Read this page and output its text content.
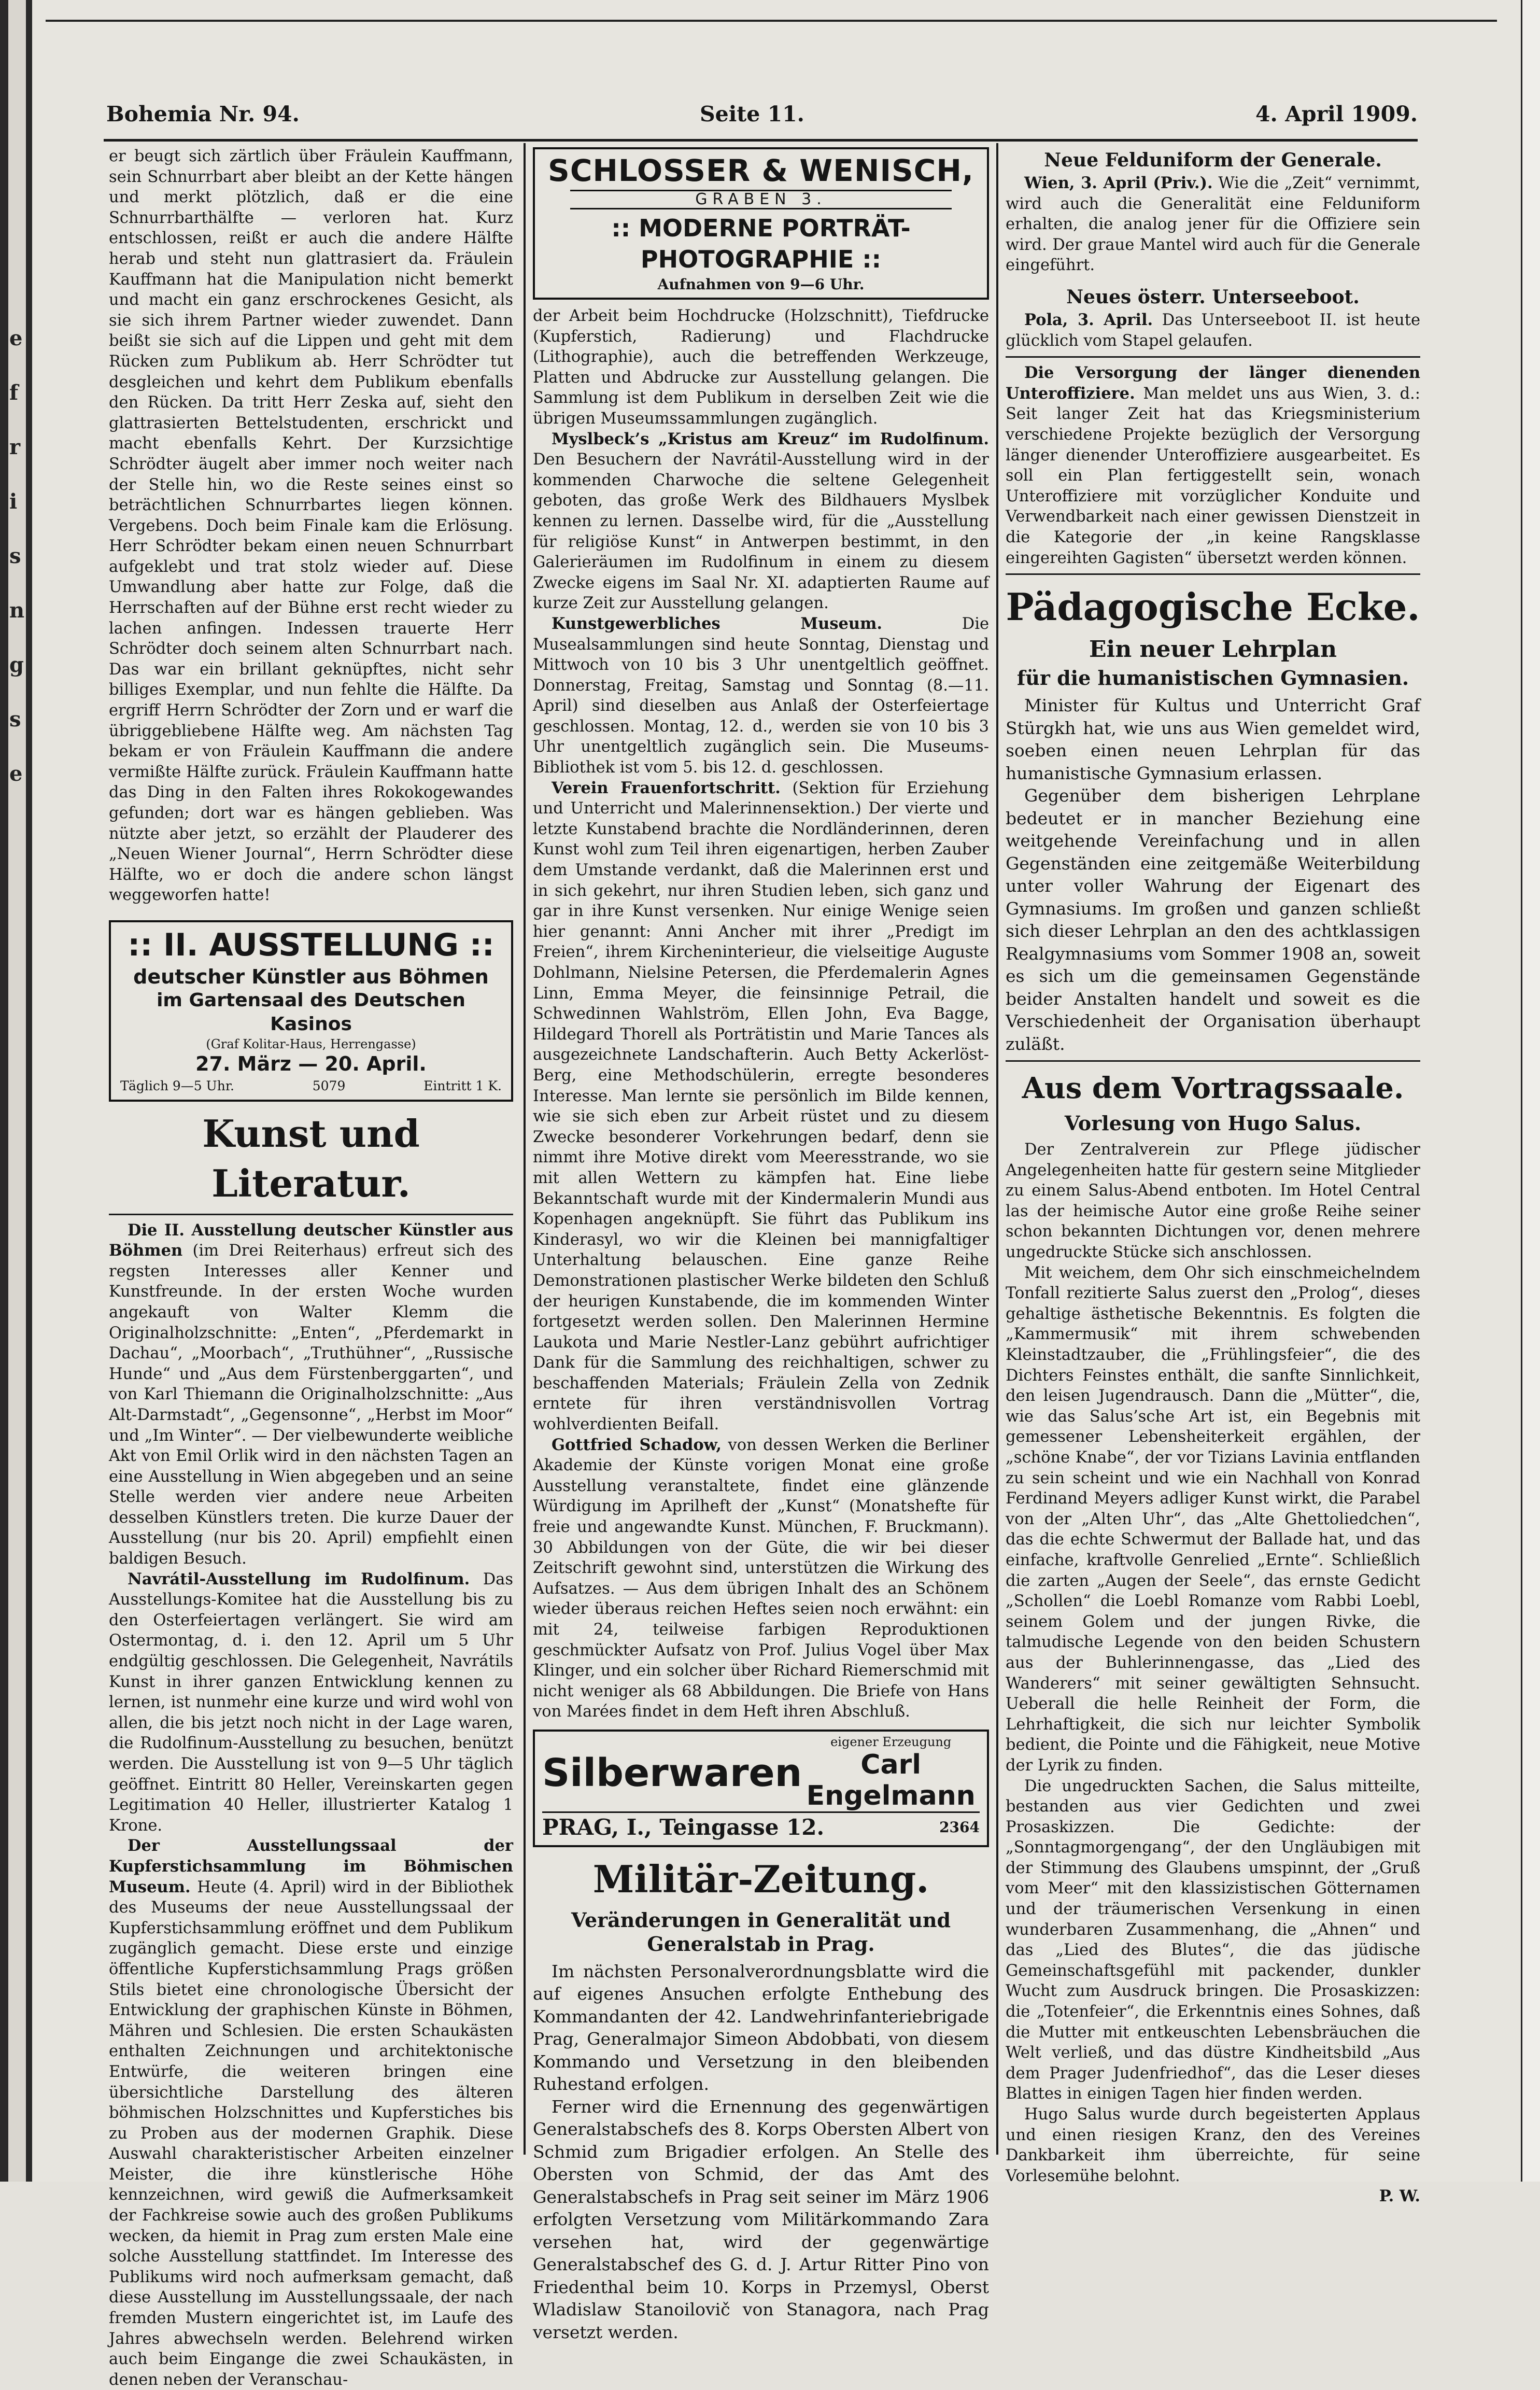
e
f
r
i
s
n
g
s
e
Bohemia Nr. 94.	Seite 11.	4. April 1909.

er beugt sich zärtlich über Fräulein Kauffmann, sein Schnurrbart aber bleibt an der Kette hängen und merkt plötzlich, daß er die eine Schnurrbarthälfte — verloren hat. Kurz entschlossen, reißt er auch die andere Hälfte herab und steht nun glattrasiert da. Fräulein Kauffmann hat die Manipulation nicht bemerkt und macht ein ganz erschrockenes Gesicht, als sie sich ihrem Partner wieder zuwendet. Dann beißt sie sich auf die Lippen und geht mit dem Rücken zum Publikum ab. Herr Schrödter tut desgleichen und kehrt dem Publikum ebenfalls den Rücken. Da tritt Herr Zeska auf, sieht den glattrasierten Bettelstudenten, erschrickt und macht ebenfalls Kehrt. Der Kurzsichtige Schrödter äugelt aber immer noch weiter nach der Stelle hin, wo die Reste seines einst so beträchtlichen Schnurrbartes liegen können. Vergebens. Doch beim Finale kam die Erlösung. Herr Schrödter bekam einen neuen Schnurrbart aufgeklebt und trat stolz wieder auf. Diese Umwandlung aber hatte zur Folge, daß die Herrschaften auf der Bühne erst recht wieder zu lachen anfingen. Indessen trauerte Herr Schrödter doch seinem alten Schnurrbart nach. Das war ein brillant geknüpftes, nicht sehr billiges Exemplar, und nun fehlte die Hälfte. Da ergriff Herrn Schrödter der Zorn und er warf die übriggebliebene Hälfte weg. Am nächsten Tag bekam er von Fräulein Kauffmann die andere vermißte Hälfte zurück. Fräulein Kauffmann hatte das Ding in den Falten ihres Rokokogewandes gefunden; dort war es hängen geblieben. Was nützte aber jetzt, so erzählt der Plauderer des „Neuen Wiener Journal“, Herrn Schrödter diese Hälfte, wo er doch die andere schon längst weggeworfen hatte!

:: II. AUSSTELLUNG ::
deutscher Künstler aus Böhmen
im Gartensaal des Deutschen Kasinos
(Graf Kolitar-Haus, Herrengasse)
27. März — 20. April.
Täglich 9—5 Uhr.	5079	Eintritt 1 K.
Kunst und Literatur.

Die II. Ausstellung deutscher Künstler aus Böhmen (im Drei Reiterhaus) erfreut sich des regsten Interesses aller Kenner und Kunstfreunde. In der ersten Woche wurden angekauft von Walter Klemm die Originalholzschnitte: „Enten“, „Pferdemarkt in Dachau“, „Moorbach“, „Truthühner“, „Russische Hunde“ und „Aus dem Fürstenberggarten“, und von Karl Thiemann die Originalholzschnitte: „Aus Alt-Darmstadt“, „Gegensonne“, „Herbst im Moor“ und „Im Winter“. — Der vielbewunderte weibliche Akt von Emil Orlik wird in den nächsten Tagen an eine Ausstellung in Wien abgegeben und an seine Stelle werden vier andere neue Arbeiten desselben Künstlers treten. Die kurze Dauer der Ausstellung (nur bis 20. April) empfiehlt einen baldigen Besuch.

Navrátil-Ausstellung im Rudolfinum. Das Ausstellungs-Komitee hat die Ausstellung bis zu den Osterfeiertagen verlängert. Sie wird am Ostermontag, d. i. den 12. April um 5 Uhr endgültig geschlossen. Die Gelegenheit, Navrátils Kunst in ihrer ganzen Entwicklung kennen zu lernen, ist nunmehr eine kurze und wird wohl von allen, die bis jetzt noch nicht in der Lage waren, die Rudolfinum-Ausstellung zu besuchen, benützt werden. Die Ausstellung ist von 9—5 Uhr täglich geöffnet. Eintritt 80 Heller, Vereinskarten gegen Legitimation 40 Heller, illustrierter Katalog 1 Krone.

Der Ausstellungssaal der Kupferstichsammlung im Böhmischen Museum. Heute (4. April) wird in der Bibliothek des Museums der neue Ausstellungssaal der Kupferstichsammlung eröffnet und dem Publikum zugänglich gemacht. Diese erste und einzige öffentliche Kupferstichsammlung Prags größen Stils bietet eine chronologische Übersicht der Entwicklung der graphischen Künste in Böhmen, Mähren und Schlesien. Die ersten Schaukästen enthalten Zeichnungen und architektonische Entwürfe, die weiteren bringen eine übersichtliche Darstellung des älteren böhmischen Holzschnittes und Kupferstiches bis zu Proben aus der modernen Graphik. Diese Auswahl charakteristischer Arbeiten einzelner Meister, die ihre künstlerische Höhe kennzeichnen, wird gewiß die Aufmerksamkeit der Fachkreise sowie auch des großen Publikums wecken, da hiemit in Prag zum ersten Male eine solche Ausstellung stattfindet. Im Interesse des Publikums wird noch aufmerksam gemacht, daß diese Ausstellung im Ausstellungssaale, der nach fremden Mustern eingerichtet ist, im Laufe des Jahres abwechseln werden. Belehrend wirken auch beim Eingange die zwei Schaukästen, in denen neben der Veranschau-

SCHLOSSER & WENISCH,
GRABEN 3.
:: MODERNE PORTRÄT-PHOTOGRAPHIE ::
Aufnahmen von 9—6 Uhr.

der Arbeit beim Hochdrucke (Holzschnitt), Tiefdrucke (Kupferstich, Radierung) und Flachdrucke (Lithographie), auch die betreffenden Werkzeuge, Platten und Abdrucke zur Ausstellung gelangen. Die Sammlung ist dem Publikum in derselben Zeit wie die übrigen Museumssammlungen zugänglich.

Myslbeck’s „Kristus am Kreuz“ im Rudolfinum. Den Besuchern der Navrátil-Ausstellung wird in der kommenden Charwoche die seltene Gelegenheit geboten, das große Werk des Bildhauers Myslbek kennen zu lernen. Dasselbe wird, für die „Ausstellung für religiöse Kunst“ in Antwerpen bestimmt, in den Galerieräumen im Rudolfinum in einem zu diesem Zwecke eigens im Saal Nr. XI. adaptierten Raume auf kurze Zeit zur Ausstellung gelangen.

Kunstgewerbliches Museum. Die Musealsammlungen sind heute Sonntag, Dienstag und Mittwoch von 10 bis 3 Uhr unentgeltlich geöffnet. Donnerstag, Freitag, Samstag und Sonntag (8.—11. April) sind dieselben aus Anlaß der Osterfeiertage geschlossen. Montag, 12. d., werden sie von 10 bis 3 Uhr unentgeltlich zugänglich sein. Die Museums-Bibliothek ist vom 5. bis 12. d. geschlossen.

Verein Frauenfortschritt. (Sektion für Erziehung und Unterricht und Malerinnensektion.) Der vierte und letzte Kunstabend brachte die Nordländerinnen, deren Kunst wohl zum Teil ihren eigenartigen, herben Zauber dem Umstande verdankt, daß die Malerinnen erst und in sich gekehrt, nur ihren Studien leben, sich ganz und gar in ihre Kunst versenken. Nur einige Wenige seien hier genannt: Anni Ancher mit ihrer „Predigt im Freien“, ihrem Kircheninterieur, die vielseitige Auguste Dohlmann, Nielsine Petersen, die Pferdemalerin Agnes Linn, Emma Meyer, die feinsinnige Petrail, die Schwedinnen Wahlström, Ellen John, Eva Bagge, Hildegard Thorell als Porträtistin und Marie Tances als ausgezeichnete Landschafterin. Auch Betty Ackerlöst-Berg, eine Methodschülerin, erregte besonderes Interesse. Man lernte sie persönlich im Bilde kennen, wie sie sich eben zur Arbeit rüstet und zu diesem Zwecke besonderer Vorkehrungen bedarf, denn sie nimmt ihre Motive direkt vom Meeresstrande, wo sie mit allen Wettern zu kämpfen hat. Eine liebe Bekanntschaft wurde mit der Kindermalerin Mundi aus Kopenhagen angeknüpft. Sie führt das Publikum ins Kinderasyl, wo wir die Kleinen bei mannigfaltiger Unterhaltung belauschen. Eine ganze Reihe Demonstrationen plastischer Werke bildeten den Schluß der heurigen Kunstabende, die im kommenden Winter fortgesetzt werden sollen. Den Malerinnen Hermine Laukota und Marie Nestler-Lanz gebührt aufrichtiger Dank für die Sammlung des reichhaltigen, schwer zu beschaffenden Materials; Fräulein Zella von Zednik erntete für ihren verständnisvollen Vortrag wohlverdienten Beifall.

Gottfried Schadow, von dessen Werken die Berliner Akademie der Künste vorigen Monat eine große Ausstellung veranstaltete, findet eine glänzende Würdigung im Aprilheft der „Kunst“ (Monatshefte für freie und angewandte Kunst. München, F. Bruckmann). 30 Abbildungen von der Güte, die wir bei dieser Zeitschrift gewohnt sind, unterstützen die Wirkung des Aufsatzes. — Aus dem übrigen Inhalt des an Schönem wieder überaus reichen Heftes seien noch erwähnt: ein mit 24, teilweise farbigen Reproduktionen geschmückter Aufsatz von Prof. Julius Vogel über Max Klinger, und ein solcher über Richard Riemerschmid mit nicht weniger als 68 Abbildungen. Die Briefe von Hans von Marées findet in dem Heft ihren Abschluß.

Silberwaren
eigener Erzeugung
Carl Engelmann
PRAG, I., Teingasse 12.	2364
Militär-Zeitung.
Veränderungen in Generalität und Generalstab in Prag.

Im nächsten Personalverordnungsblatte wird die auf eigenes Ansuchen erfolgte Enthebung des Kommandanten der 42. Landwehrinfanteriebrigade Prag, Generalmajor Simeon Abdobbati, von diesem Kommando und Versetzung in den bleibenden Ruhestand erfolgen.

Ferner wird die Ernennung des gegenwärtigen Generalstabschefs des 8. Korps Obersten Albert von Schmid zum Brigadier erfolgen. An Stelle des Obersten von Schmid, der das Amt des Generalstabschefs in Prag seit seiner im März 1906 erfolgten Versetzung vom Militärkommando Zara versehen hat, wird der gegenwärtige Generalstabschef des G. d. J. Artur Ritter Pino von Friedenthal beim 10. Korps in Przemysl, Oberst Wladislaw Stanoilovič von Stanagora, nach Prag versetzt werden.

Neue Felduniform der Generale.

Wien, 3. April (Priv.). Wie die „Zeit“ vernimmt, wird auch die Generalität eine Felduniform erhalten, die analog jener für die Offiziere sein wird. Der graue Mantel wird auch für die Generale eingeführt.

Neues österr. Unterseeboot.

Pola, 3. April. Das Unterseeboot II. ist heute glücklich vom Stapel gelaufen.

Die Versorgung der länger dienenden Unteroffiziere. Man meldet uns aus Wien, 3. d.: Seit langer Zeit hat das Kriegsministerium verschiedene Projekte bezüglich der Versorgung länger dienender Unteroffiziere ausgearbeitet. Es soll ein Plan fertiggestellt sein, wonach Unteroffiziere mit vorzüglicher Konduite und Verwendbarkeit nach einer gewissen Dienstzeit in die Kategorie der „in keine Rangsklasse eingereihten Gagisten“ übersetzt werden können.

Pädagogische Ecke.
Ein neuer Lehrplan
für die humanistischen Gymnasien.

Minister für Kultus und Unterricht Graf Stürgkh hat, wie uns aus Wien gemeldet wird, soeben einen neuen Lehrplan für das humanistische Gymnasium erlassen.

Gegenüber dem bisherigen Lehrplane bedeutet er in mancher Beziehung eine weitgehende Vereinfachung und in allen Gegenständen eine zeitgemäße Weiterbildung unter voller Wahrung der Eigenart des Gymnasiums. Im großen und ganzen schließt sich dieser Lehrplan an den des achtklassigen Realgymnasiums vom Sommer 1908 an, soweit es sich um die gemeinsamen Gegenstände beider Anstalten handelt und soweit es die Verschiedenheit der Organisation überhaupt zuläßt.

Aus dem Vortragssaale.
Vorlesung von Hugo Salus.

Der Zentralverein zur Pflege jüdischer Angelegenheiten hatte für gestern seine Mitglieder zu einem Salus-Abend entboten. Im Hotel Central las der heimische Autor eine große Reihe seiner schon bekannten Dichtungen vor, denen mehrere ungedruckte Stücke sich anschlossen.

Mit weichem, dem Ohr sich einschmeichelndem Tonfall rezitierte Salus zuerst den „Prolog“, dieses gehaltige ästhetische Bekenntnis. Es folgten die „Kammermusik“ mit ihrem schwebenden Kleinstadtzauber, die „Frühlingsfeier“, die des Dichters Feinstes enthält, die sanfte Sinnlichkeit, den leisen Jugendrausch. Dann die „Mütter“, die, wie das Salus’sche Art ist, ein Begebnis mit gemessener Lebensheiterkeit ergählen, der „schöne Knabe“, der vor Tizians Lavinia entflanden zu sein scheint und wie ein Nachhall von Konrad Ferdinand Meyers adliger Kunst wirkt, die Parabel von der „Alten Uhr“, das „Alte Ghettoliedchen“, das die echte Schwermut der Ballade hat, und das einfache, kraftvolle Genrelied „Ernte“. Schließlich die zarten „Augen der Seele“, das ernste Gedicht „Schollen“ die Loebl Romanze vom Rabbi Loebl, seinem Golem und der jungen Rivke, die talmudische Legende von den beiden Schustern aus der Buhlerinnengasse, das „Lied des Wanderers“ mit seiner gewältigten Sehnsucht. Ueberall die helle Reinheit der Form, die Lehrhaftigkeit, die sich nur leichter Symbolik bedient, die Pointe und die Fähigkeit, neue Motive der Lyrik zu finden.

Die ungedruckten Sachen, die Salus mitteilte, bestanden aus vier Gedichten und zwei Prosaskizzen. Die Gedichte: der „Sonntagmorgengang“, der den Ungläubigen mit der Stimmung des Glaubens umspinnt, der „Gruß vom Meer“ mit den klassizistischen Götternamen und der träumerischen Versenkung in einen wunderbaren Zusammenhang, die „Ahnen“ und das „Lied des Blutes“, die das jüdische Gemeinschaftsgefühl mit packender, dunkler Wucht zum Ausdruck bringen. Die Prosaskizzen: die „Totenfeier“, die Erkenntnis eines Sohnes, daß die Mutter mit entkeuschten Lebensbräuchen die Welt verließ, und das düstre Kindheitsbild „Aus dem Prager Judenfriedhof“, das die Leser dieses Blattes in einigen Tagen hier finden werden.

Hugo Salus wurde durch begeisterten Applaus und einen riesigen Kranz, den des Vereines Dankbarkeit ihm überreichte, für seine Vorlesemühe belohnt.

P. W.
